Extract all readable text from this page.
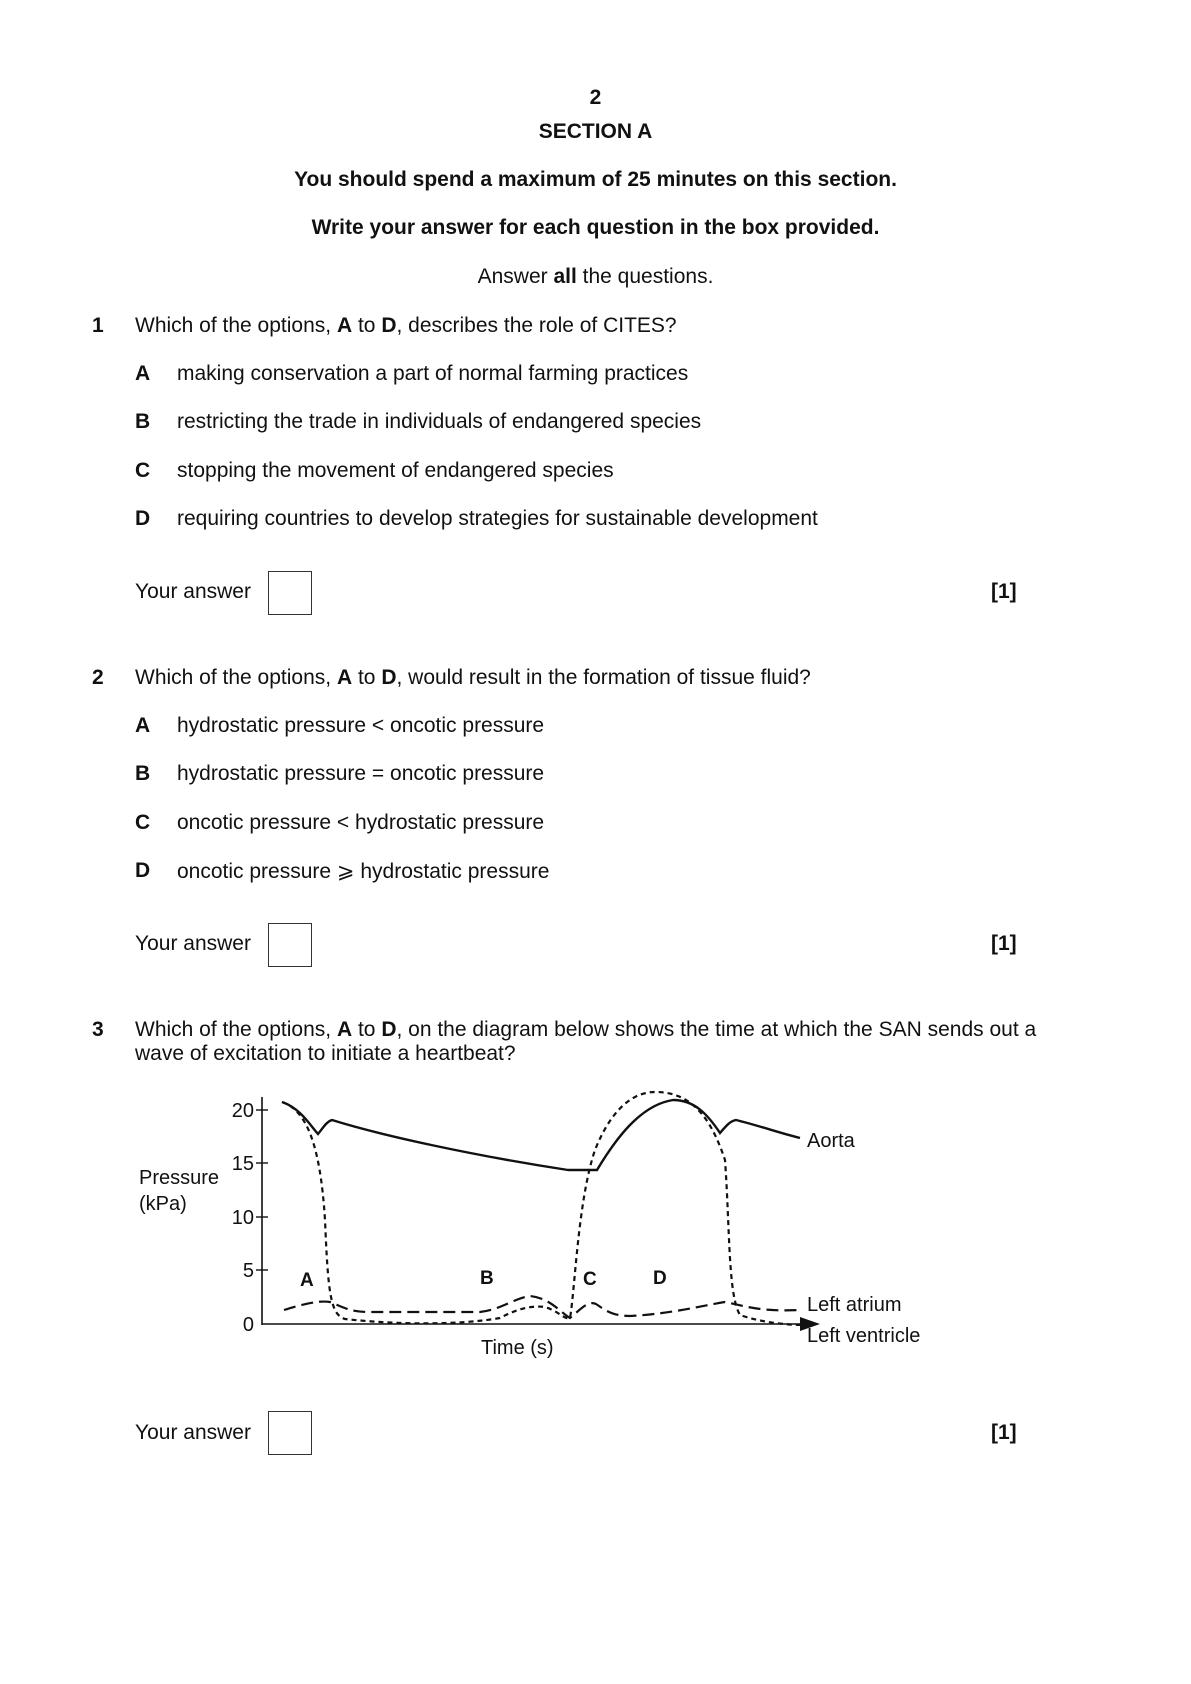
2
SECTION A
You should spend a maximum of 25 minutes on this section.
Write your answer for each question in the box provided.
Answer all the questions.
1 Which of the options, A to D, describes the role of CITES?
A making conservation a part of normal farming practices
B restricting the trade in individuals of endangered species
C stopping the movement of endangered species
D requiring countries to develop strategies for sustainable development
Your answer	[1]
2 Which of the options, A to D, would result in the formation of tissue fluid?
A hydrostatic pressure < oncotic pressure
B hydrostatic pressure = oncotic pressure
C oncotic pressure < hydrostatic pressure
D oncotic pressure ⩾ hydrostatic pressure
Your answer	[1]
3 Which of the options, A to D, on the diagram below shows the time at which the SAN sends out a
wave of excitation to initiate a heartbeat?
0
5
10
15
20
Pressure
(kPa)
Time (s)
A	B	C	D
Aorta
Left atrium
Left ventricle
Your answer	[1]
